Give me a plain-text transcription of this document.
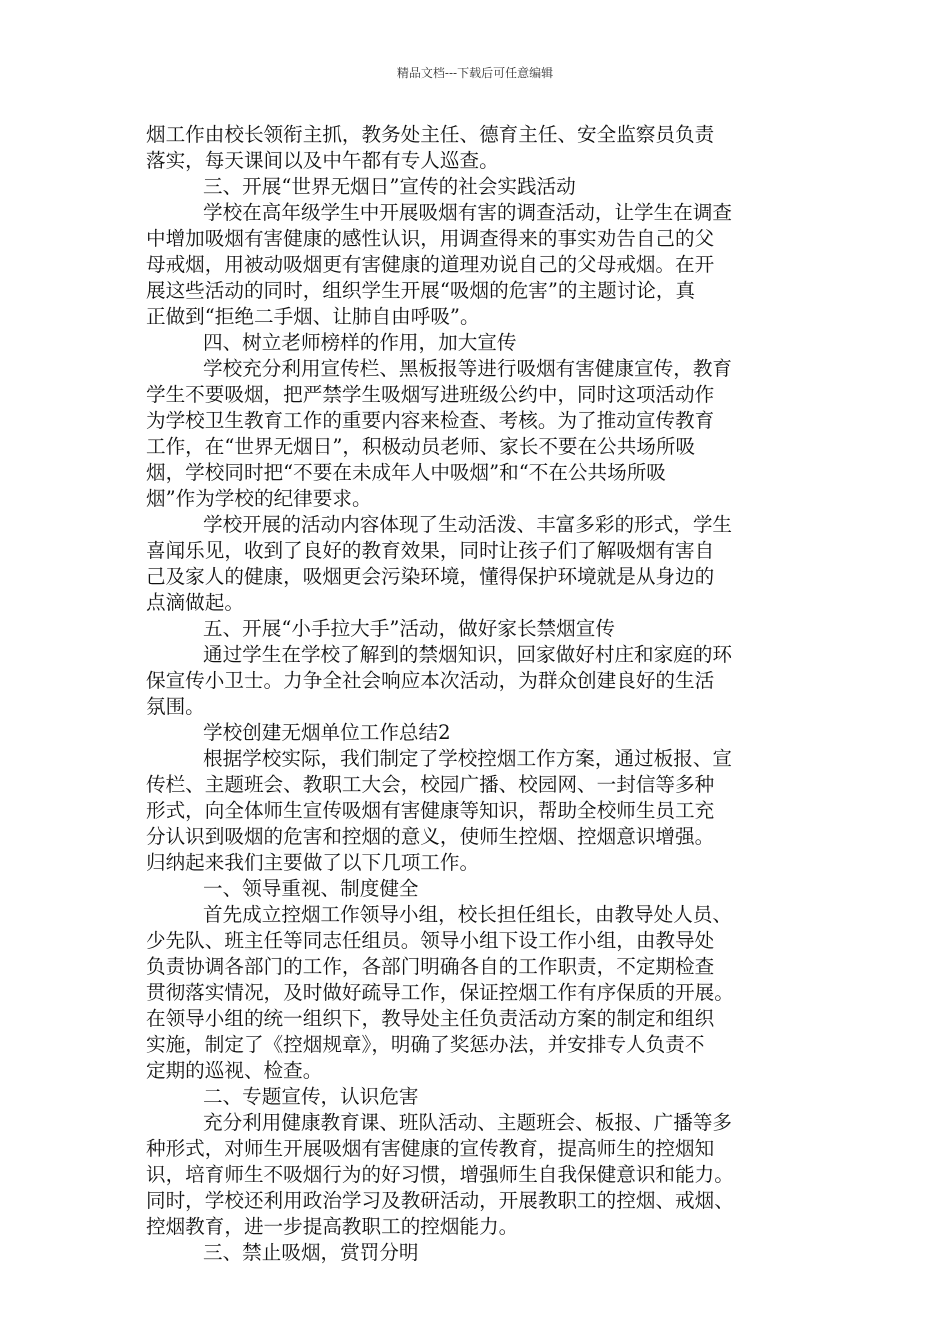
精品文档---下载后可任意编辑
烟工作由校长领衔主抓，教务处主任、德育主任、安全监察员负责
落实，每天课间以及中午都有专人巡查。
三、开展“世界无烟日”宣传的社会实践活动
学校在高年级学生中开展吸烟有害的调查活动，让学生在调查
中增加吸烟有害健康的感性认识，用调查得来的事实劝告自己的父
母戒烟，用被动吸烟更有害健康的道理劝说自己的父母戒烟。在开
展这些活动的同时，组织学生开展“吸烟的危害”的主题讨论，真
正做到“拒绝二手烟、让肺自由呼吸”。
四、树立老师榜样的作用，加大宣传
学校充分利用宣传栏、黑板报等进行吸烟有害健康宣传，教育
学生不要吸烟，把严禁学生吸烟写进班级公约中，同时这项活动作
为学校卫生教育工作的重要内容来检查、考核。为了推动宣传教育
工作，在“世界无烟日”，积极动员老师、家长不要在公共场所吸
烟，学校同时把“不要在未成年人中吸烟”和“不在公共场所吸
烟”作为学校的纪律要求。
学校开展的活动内容体现了生动活泼、丰富多彩的形式，学生
喜闻乐见，收到了良好的教育效果，同时让孩子们了解吸烟有害自
己及家人的健康，吸烟更会污染环境，懂得保护环境就是从身边的
点滴做起。
五、开展“小手拉大手”活动，做好家长禁烟宣传
通过学生在学校了解到的禁烟知识，回家做好村庄和家庭的环
保宣传小卫士。力争全社会响应本次活动，为群众创建良好的生活
氛围。
学校创建无烟单位工作总结2
根据学校实际，我们制定了学校控烟工作方案，通过板报、宣
传栏、主题班会、教职工大会，校园广播、校园网、一封信等多种
形式，向全体师生宣传吸烟有害健康等知识，帮助全校师生员工充
分认识到吸烟的危害和控烟的意义，使师生控烟、控烟意识增强。
归纳起来我们主要做了以下几项工作。
一、领导重视、制度健全
首先成立控烟工作领导小组，校长担任组长，由教导处人员、
少先队、班主任等同志任组员。领导小组下设工作小组，由教导处
负责协调各部门的工作，各部门明确各自的工作职责，不定期检查
贯彻落实情况，及时做好疏导工作，保证控烟工作有序保质的开展。
在领导小组的统一组织下，教导处主任负责活动方案的制定和组织
实施，制定了《控烟规章》，明确了奖惩办法，并安排专人负责不
定期的巡视、检查。
二、专题宣传，认识危害
充分利用健康教育课、班队活动、主题班会、板报、广播等多
种形式，对师生开展吸烟有害健康的宣传教育，提高师生的控烟知
识，培育师生不吸烟行为的好习惯，增强师生自我保健意识和能力。
同时，学校还利用政治学习及教研活动，开展教职工的控烟、戒烟、
控烟教育，进一步提高教职工的控烟能力。
三、禁止吸烟，赏罚分明
